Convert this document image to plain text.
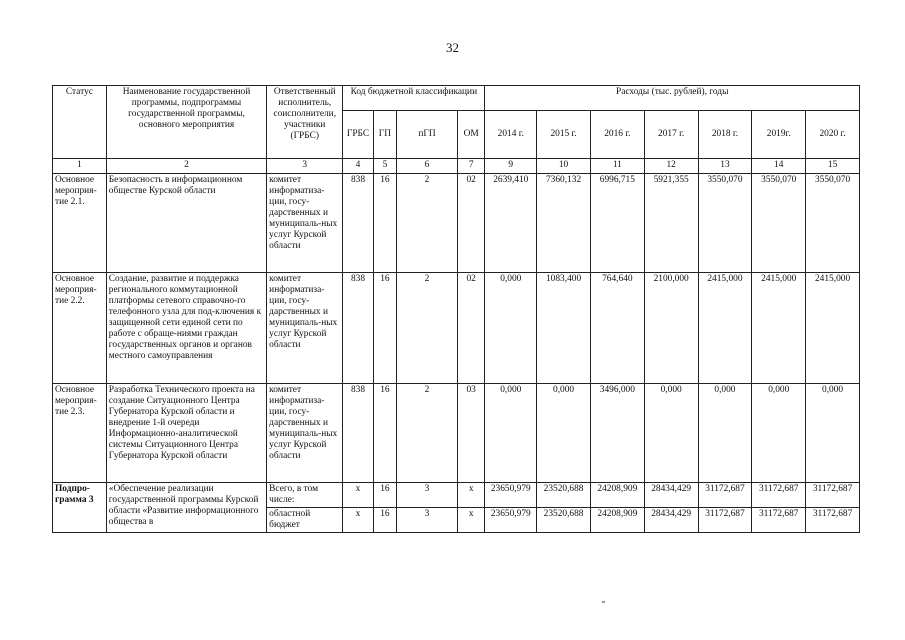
32
Статус	Наименование государственной программы, подпрограммы государственной программы, основного мероприятия	Ответственный исполнитель, соисполнители, участники (ГРБС)	Код бюджетной классификации				Расходы (тыс. рублей), годы						
			ГРБС	ГП	пГП	ОМ	2014 г.	2015 г.	2016 г.	2017 г.	2018 г.	2019г.	2020 г.
1	2	3	4	5	6	7	9	10	11	12	13	14	15
Основное мероприя-тие 2.1.	Безопасность в информационном обществе Курской области	комитет информатиза-ции, госу-дарственных и муниципаль-ных услуг Курской области	838	16	2	02	2639,410	7360,132	6996,715	5921,355	3550,070	3550,070	3550,070
Основное мероприя-тие 2.2.	Создание, развитие и поддержка регионального коммутационной платформы сетевого справочно-го телефонного узла для под-ключения к защищенной сети единой сети по работе с обраще-ниями граждан государственных органов и органов местного самоуправления	комитет информатиза-ции, госу-дарственных и муниципаль-ных услуг Курской области	838	16	2	02	0,000	1083,400	764,640	2100,000	2415,000	2415,000	2415,000
Основное мероприя-тие 2.3.	Разработка Технического проекта на создание Ситуационного Центра Губернатора Курской области и внедрение 1-й очереди Информационно-аналитической системы Ситуационного Центра Губернатора Курской области	комитет информатиза-ции, госу-дарственных и муниципаль-ных услуг Курской области	838	16	2	03	0,000	0,000	3496,000	0,000	0,000	0,000	0,000
Подпро-грамма 3	«Обеспечение реализации государственной программы Курской области «Развитие информационного общества в	Всего, в том числе:	х	16	3	х	23650,979	23520,688	24208,909	28434,429	31172,687	31172,687	31172,687
		областной бюджет	х	16	3	х	23650,979	23520,688	24208,909	28434,429	31172,687	31172,687	31172,687
